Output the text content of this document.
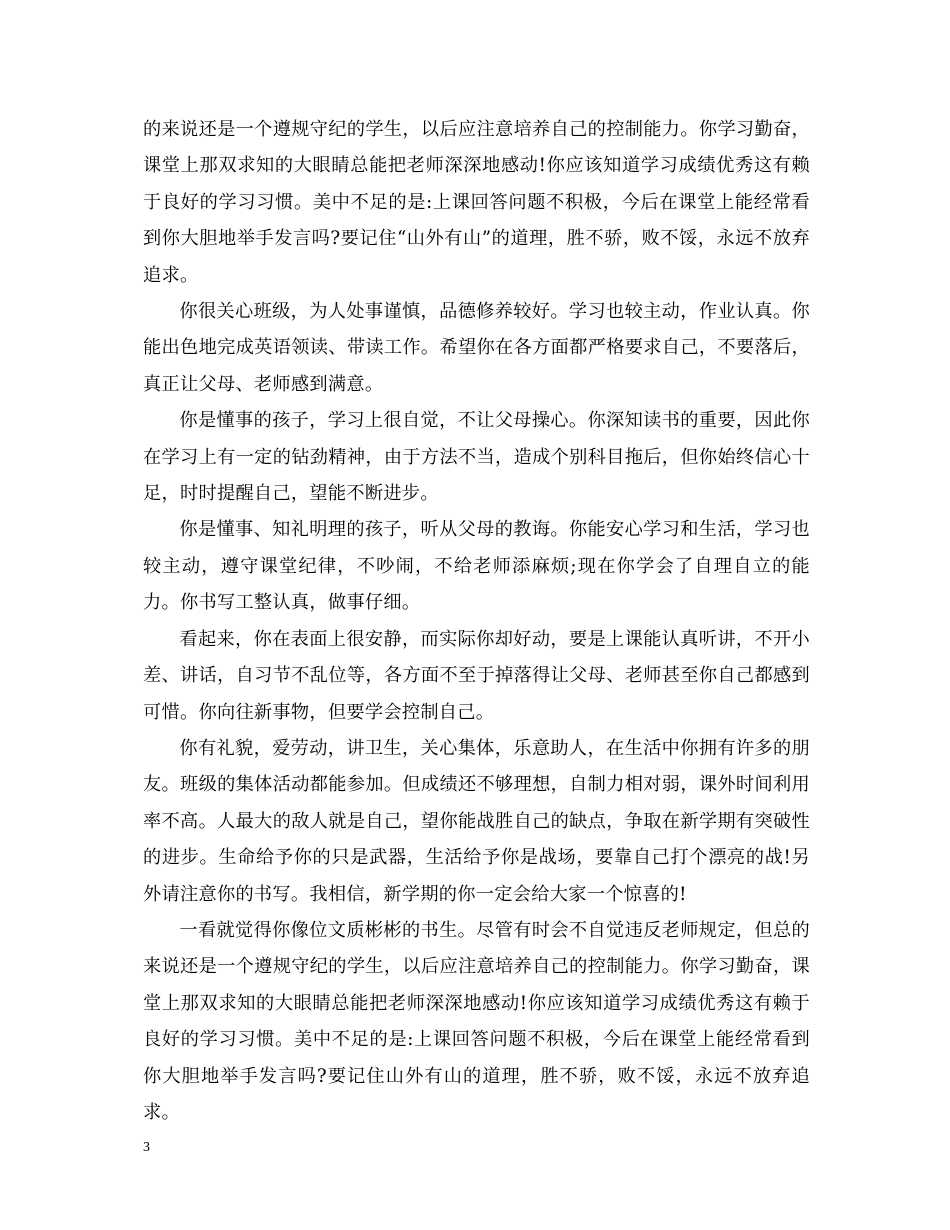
的来说还是一个遵规守纪的学生，以后应注意培养自己的控制能力。你学习勤奋，课堂上那双求知的大眼睛总能把老师深深地感动!你应该知道学习成绩优秀这有赖于良好的学习习惯。美中不足的是:上课回答问题不积极，今后在课堂上能经常看到你大胆地举手发言吗?要记住“山外有山”的道理，胜不骄，败不馁，永远不放弃追求。

你很关心班级，为人处事谨慎，品德修养较好。学习也较主动，作业认真。你能出色地完成英语领读、带读工作。希望你在各方面都严格要求自己，不要落后，真正让父母、老师感到满意。

你是懂事的孩子，学习上很自觉，不让父母操心。你深知读书的重要，因此你在学习上有一定的钻劲精神，由于方法不当，造成个别科目拖后，但你始终信心十足，时时提醒自己，望能不断进步。

你是懂事、知礼明理的孩子，听从父母的教诲。你能安心学习和生活，学习也较主动，遵守课堂纪律，不吵闹，不给老师添麻烦;现在你学会了自理自立的能力。你书写工整认真，做事仔细。

看起来，你在表面上很安静，而实际你却好动，要是上课能认真听讲，不开小差、讲话，自习节不乱位等，各方面不至于掉落得让父母、老师甚至你自己都感到可惜。你向往新事物，但要学会控制自己。

你有礼貌，爱劳动，讲卫生，关心集体，乐意助人，在生活中你拥有许多的朋友。班级的集体活动都能参加。但成绩还不够理想，自制力相对弱，课外时间利用率不高。人最大的敌人就是自己，望你能战胜自己的缺点，争取在新学期有突破性的进步。生命给予你的只是武器，生活给予你是战场，要靠自己打个漂亮的战!另外请注意你的书写。我相信，新学期的你一定会给大家一个惊喜的!

一看就觉得你像位文质彬彬的书生。尽管有时会不自觉违反老师规定，但总的来说还是一个遵规守纪的学生，以后应注意培养自己的控制能力。你学习勤奋，课堂上那双求知的大眼睛总能把老师深深地感动!你应该知道学习成绩优秀这有赖于良好的学习习惯。美中不足的是:上课回答问题不积极，今后在课堂上能经常看到你大胆地举手发言吗?要记住山外有山的道理，胜不骄，败不馁，永远不放弃追求。

3
